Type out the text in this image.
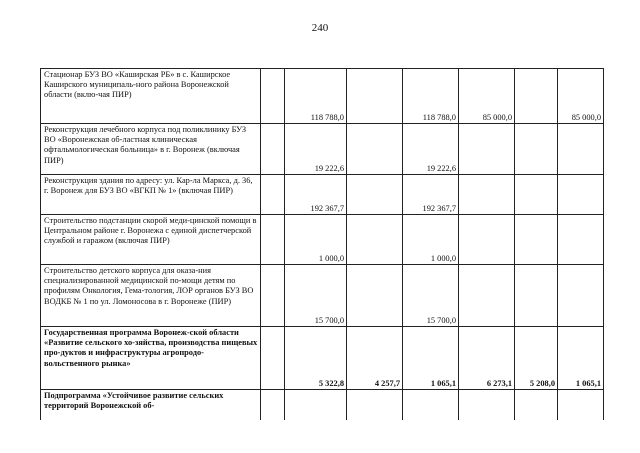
240
Стационар БУЗ ВО «Каширская РБ» в с. Каширское Каширского муниципаль-ного района Воронежской области (вклю-чая ПИР)		118 788,0		118 788,0	85 000,0		85 000,0
Реконструкция лечебного корпуса под поликлинику БУЗ ВО «Воронежская об-ластная клиническая офтальмологическая больница» в г. Воронеж (включая ПИР)		19 222,6		19 222,6			
Реконструкция здания по адресу: ул. Кар-ла Маркса, д. 36, г. Воронеж для БУЗ ВО «ВГКП № 1» (включая ПИР)		192 367,7		192 367,7			
Строительство подстанции скорой меди-цинской помощи в Центральном районе г. Воронежа с единой диспетчерской службой и гаражом (включая ПИР)		1 000,0		1 000,0			
Строительство детского корпуса для оказа-ния специализированной медицинской по-мощи детям по профилям Онкология, Гема-тология, ЛОР органов БУЗ ВО ВОДКБ № 1 по ул. Ломоносова в г. Воронеже (ПИР)		15 700,0		15 700,0			
Государственная программа Воронеж-ской области «Развитие сельского хо-зяйства, производства пищевых про-дуктов и инфраструктуры агропродо-вольственного рынка»		5 322,8	4 257,7	1 065,1	6 273,1	5 208,0	1 065,1
Подпрограмма «Устойчивое развитие сельских территорий Воронежской об-							
